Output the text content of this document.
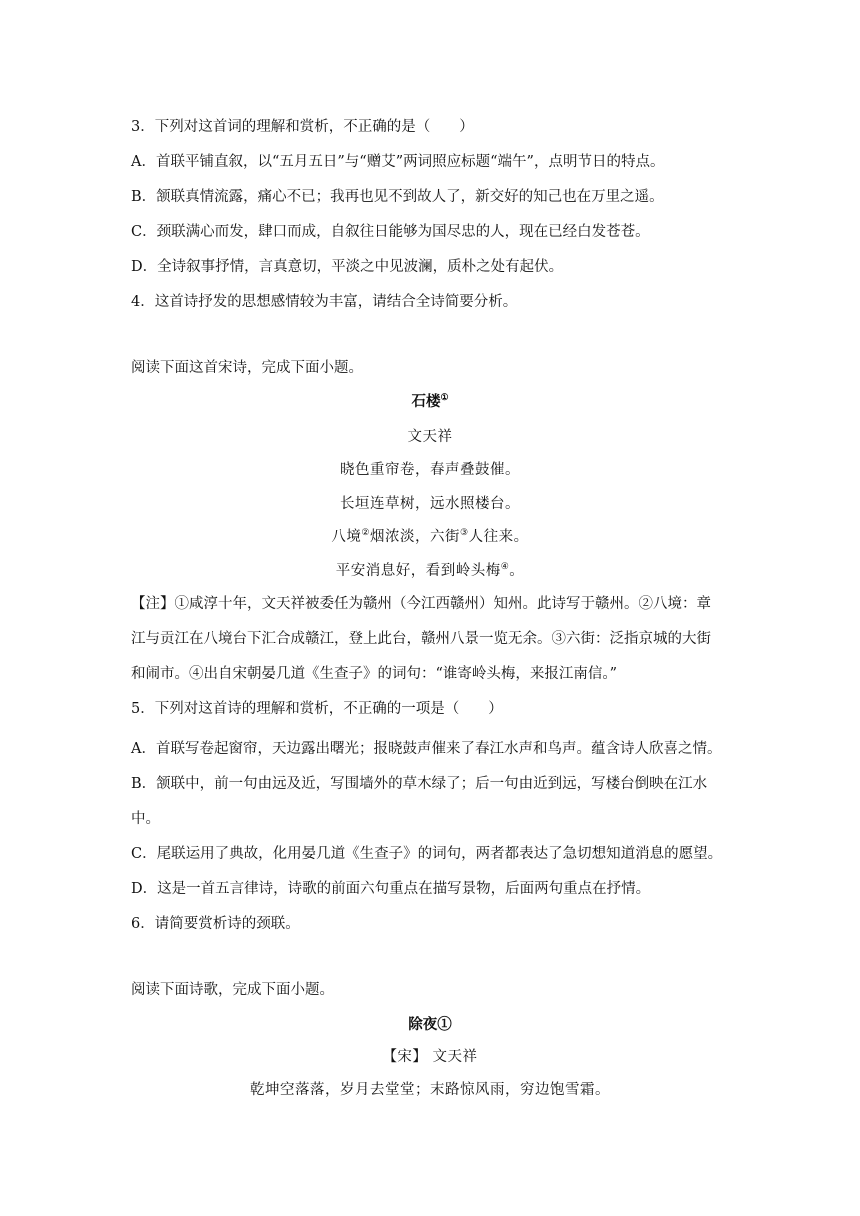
3．下列对这首词的理解和赏析，不正确的是（　　）
A．首联平铺直叙，以“五月五日”与“赠艾”两词照应标题“端午”，点明节日的特点。
B．颔联真情流露，痛心不已；我再也见不到故人了，新交好的知己也在万里之遥。
C．颈联满心而发，肆口而成，自叙往日能够为国尽忠的人，现在已经白发苍苍。
D．全诗叙事抒情，言真意切，平淡之中见波澜，质朴之处有起伏。
4．这首诗抒发的思想感情较为丰富，请结合全诗简要分析。
阅读下面这首宋诗，完成下面小题。
石楼①
文天祥
晓色重帘卷，春声叠鼓催。
长垣连草树，远水照楼台。
八境②烟浓淡，六街③人往来。
平安消息好，看到岭头梅④。
【注】①咸淳十年，文天祥被委任为赣州（今江西赣州）知州。此诗写于赣州。②八境：章
江与贡江在八境台下汇合成赣江，登上此台，赣州八景一览无余。③六街：泛指京城的大街
和闹市。④出自宋朝晏几道《生查子》的词句：“谁寄岭头梅，来报江南信。”
5．下列对这首诗的理解和赏析，不正确的一项是（　　）
A．首联写卷起窗帘，天边露出曙光；报晓鼓声催来了春江水声和鸟声。蕴含诗人欣喜之情。
B．颔联中，前一句由远及近，写围墙外的草木绿了；后一句由近到远，写楼台倒映在江水
中。
C．尾联运用了典故，化用晏几道《生查子》的词句，两者都表达了急切想知道消息的愿望。
D．这是一首五言律诗，诗歌的前面六句重点在描写景物，后面两句重点在抒情。
6．请简要赏析诗的颈联。
阅读下面诗歌，完成下面小题。
除夜①
【宋】 文天祥
乾坤空落落，岁月去堂堂；末路惊风雨，穷边饱雪霜。
